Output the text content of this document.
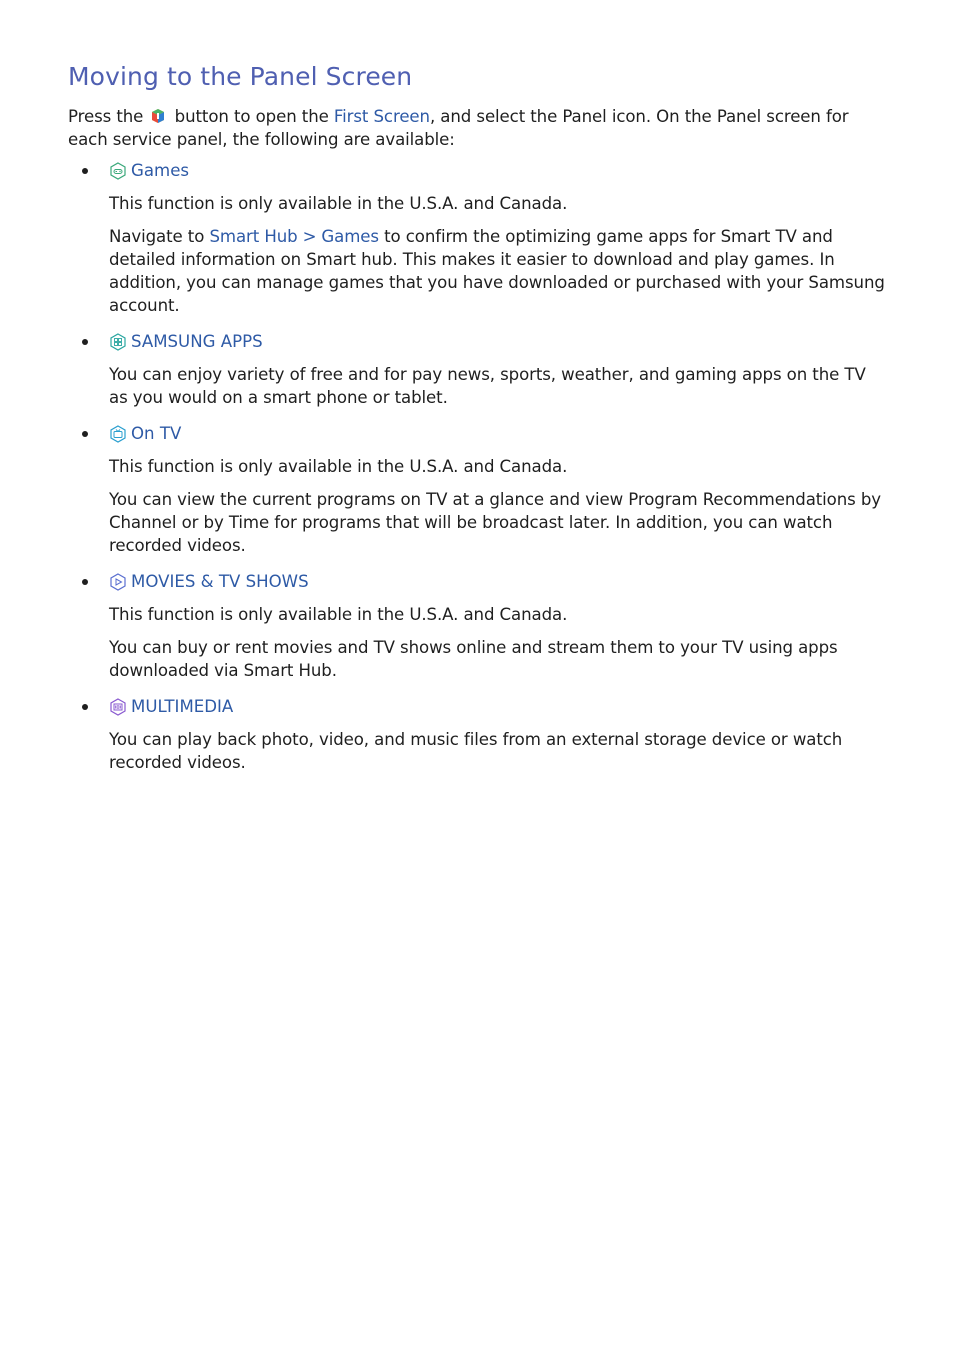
Moving to the Panel Screen

Press the button to open the First Screen, and select the Panel icon. On the Panel screen for each service panel, the following are available:

Games

This function is only available in the U.S.A. and Canada.

Navigate to Smart Hub > Games to confirm the optimizing game apps for Smart TV and detailed information on Smart hub. This makes it easier to download and play games. In addition, you can manage games that you have downloaded or purchased with your Samsung account.

SAMSUNG APPS

You can enjoy variety of free and for pay news, sports, weather, and gaming apps on the TV as you would on a smart phone or tablet.

On TV

This function is only available in the U.S.A. and Canada.

You can view the current programs on TV at a glance and view Program Recommendations by Channel or by Time for programs that will be broadcast later. In addition, you can watch recorded videos.

MOVIES & TV SHOWS

This function is only available in the U.S.A. and Canada.

You can buy or rent movies and TV shows online and stream them to your TV using apps downloaded via Smart Hub.

MULTIMEDIA

You can play back photo, video, and music files from an external storage device or watch recorded videos.
